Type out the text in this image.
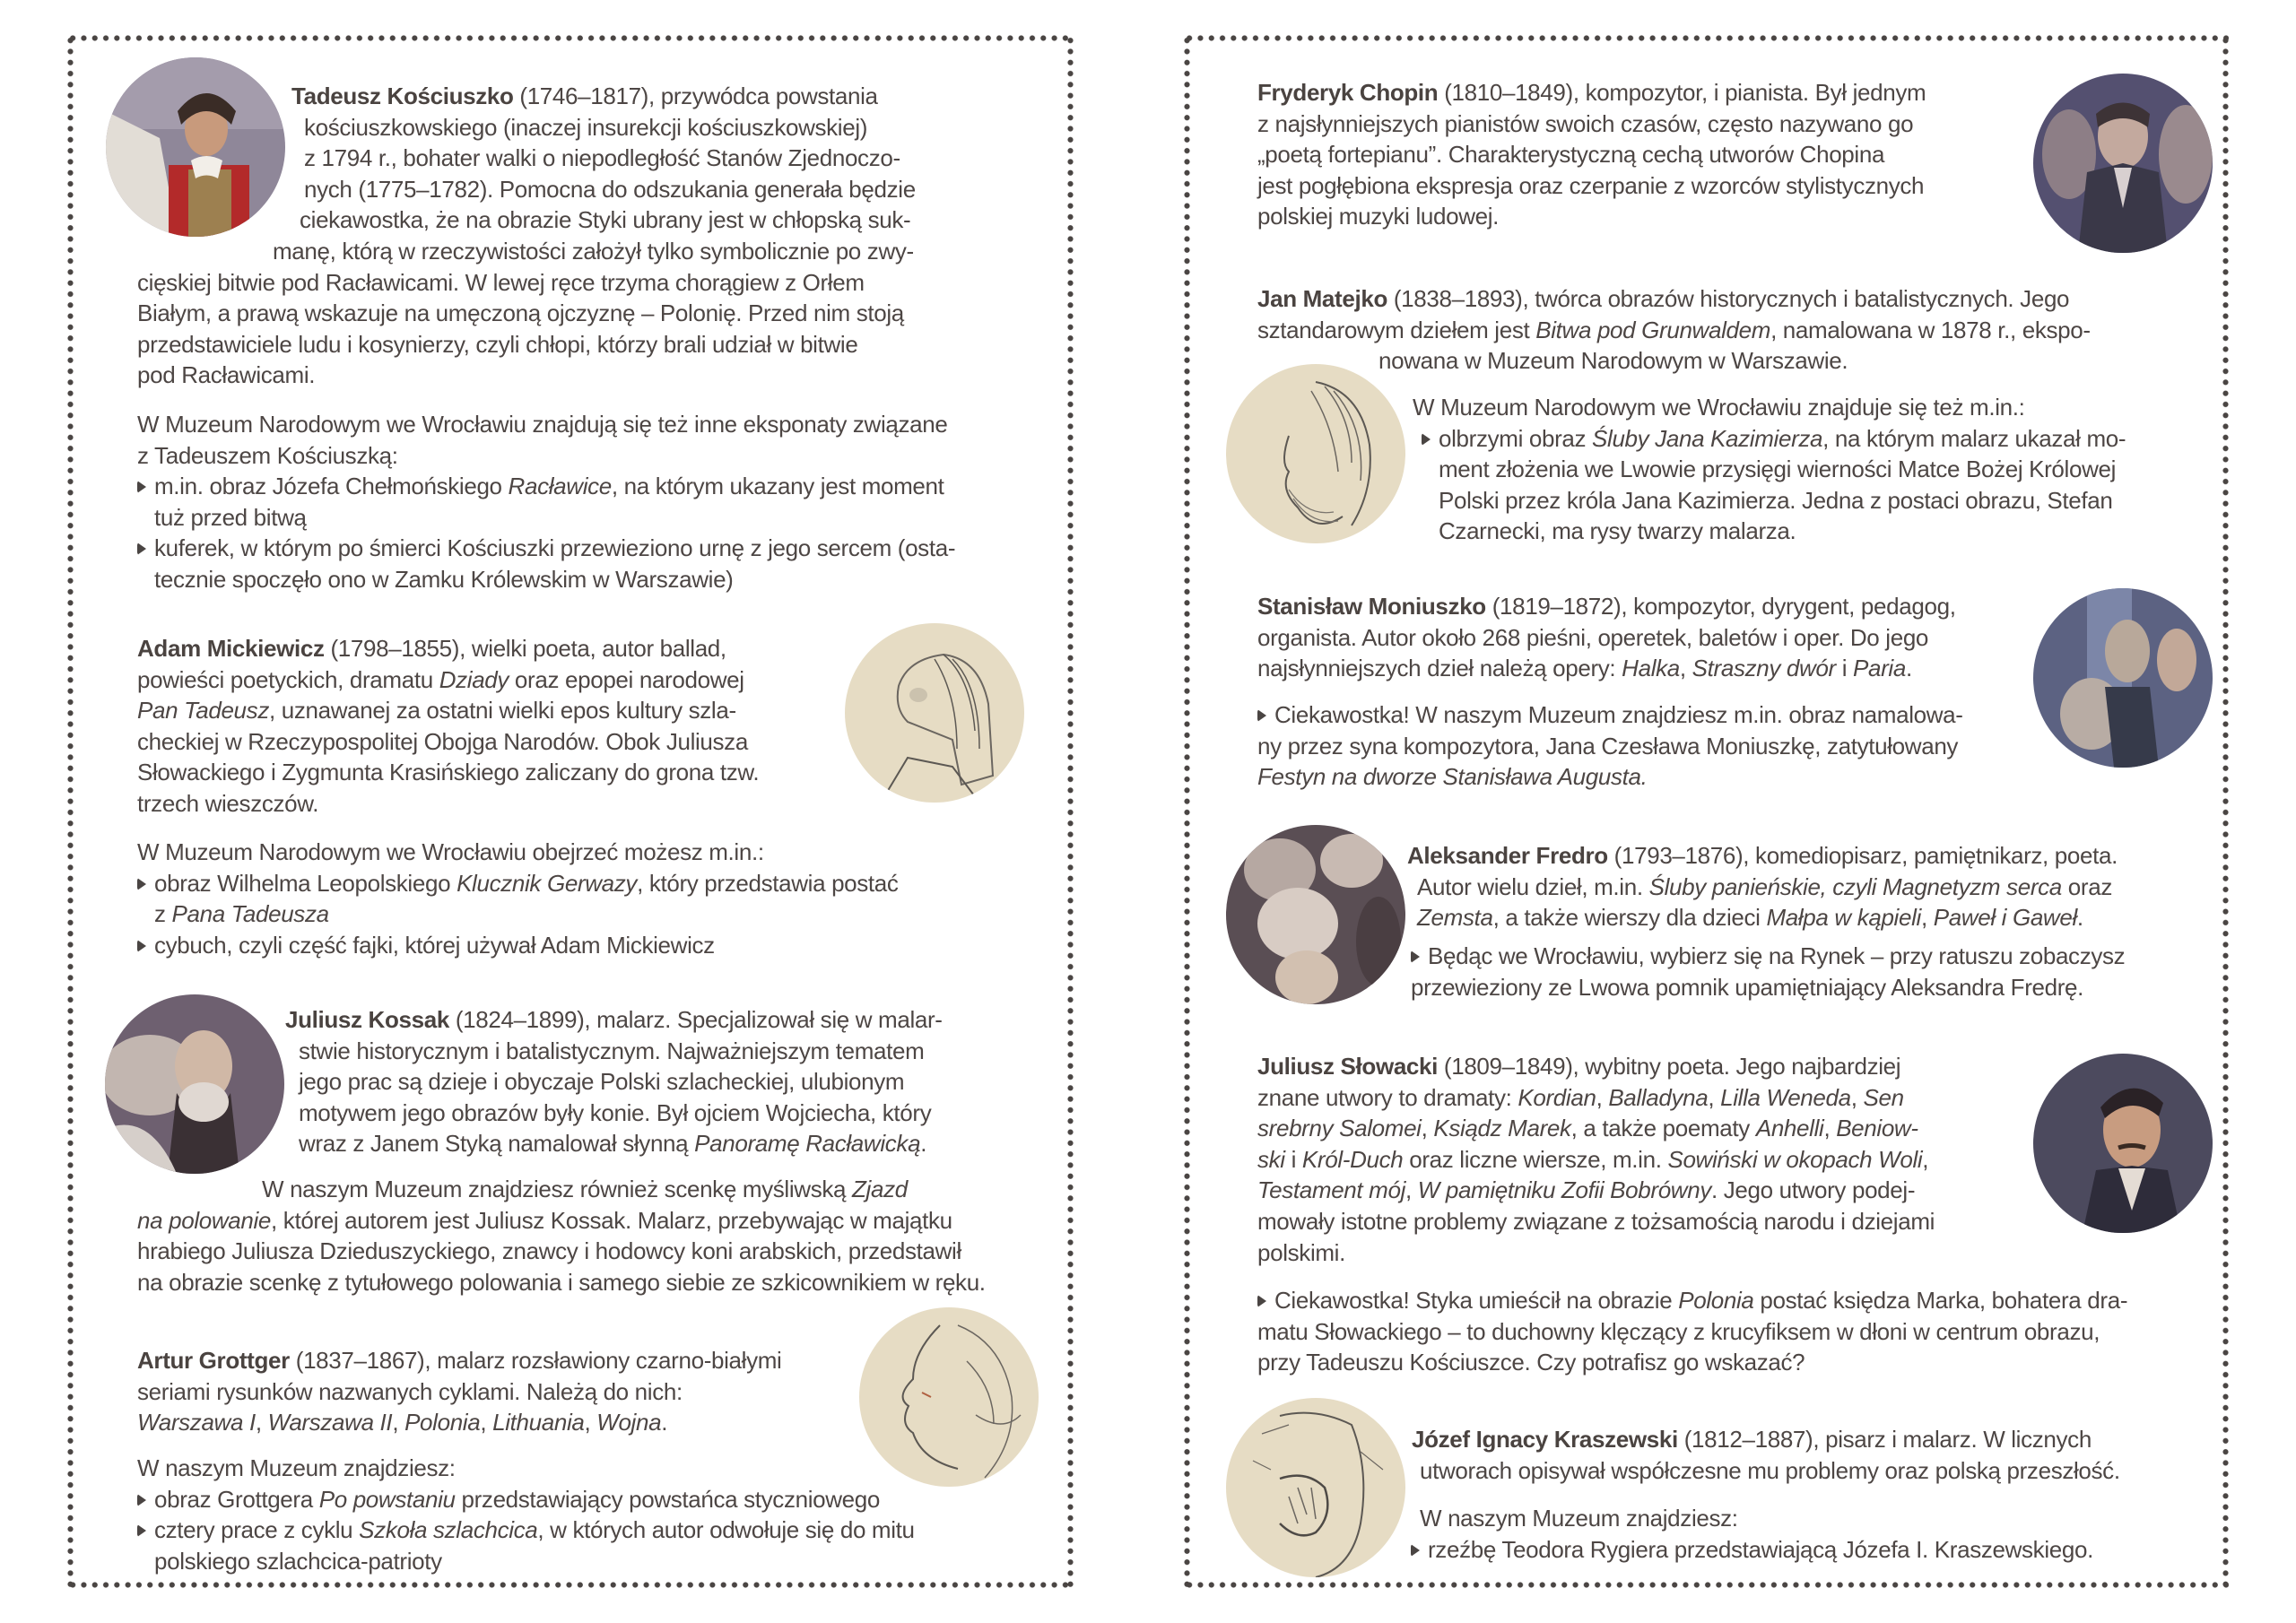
Tadeusz Kościuszko (1746–1817), przywódca powstania
kościuszkowskiego (inaczej insurekcji kościuszkowskiej)
z 1794 r., bohater walki o niepodległość Stanów Zjednoczo-
nych (1775–1782). Pomocna do odszukania generała będzie
ciekawostka, że na obrazie Styki ubrany jest w chłopską suk-
manę, którą w rzeczywistości założył tylko symbolicznie po zwy-
cięskiej bitwie pod Racławicami. W lewej ręce trzyma chorągiew z Orłem
Białym, a prawą wskazuje na umęczoną ojczyznę – Polonię. Przed nim stoją
przedstawiciele ludu i kosynierzy, czyli chłopi, którzy brali udział w bitwie
pod Racławicami.
W Muzeum Narodowym we Wrocławiu znajdują się też inne eksponaty związane
z Tadeuszem Kościuszką:
m.in. obraz Józefa Chełmońskiego Racławice, na którym ukazany jest moment
tuż przed bitwą
kuferek, w którym po śmierci Kościuszki przewieziono urnę z jego sercem (osta-
tecznie spoczęło ono w Zamku Królewskim w Warszawie)
Adam Mickiewicz (1798–1855), wielki poeta, autor ballad,
powieści poetyckich, dramatu Dziady oraz epopei narodowej
Pan Tadeusz, uznawanej za ostatni wielki epos kultury szla-
checkiej w Rzeczypospolitej Obojga Narodów. Obok Juliusza
Słowackiego i Zygmunta Krasińskiego zaliczany do grona tzw.
trzech wieszczów.
W Muzeum Narodowym we Wrocławiu obejrzeć możesz m.in.:
obraz Wilhelma Leopolskiego Klucznik Gerwazy, który przedstawia postać
z Pana Tadeusza
cybuch, czyli część fajki, której używał Adam Mickiewicz
Juliusz Kossak (1824–1899), malarz. Specjalizował się w malar-
stwie historycznym i batalistycznym. Najważniejszym tematem
jego prac są dzieje i obyczaje Polski szlacheckiej, ulubionym
motywem jego obrazów były konie. Był ojciem Wojciecha, który
wraz z Janem Styką namalował słynną Panoramę Racławicką.
W naszym Muzeum znajdziesz również scenkę myśliwską Zjazd
na polowanie, której autorem jest Juliusz Kossak. Malarz, przebywając w majątku
hrabiego Juliusza Dzieduszyckiego, znawcy i hodowcy koni arabskich, przedstawił
na obrazie scenkę z tytułowego polowania i samego siebie ze szkicownikiem w ręku.
Artur Grottger (1837–1867), malarz rozsławiony czarno-białymi
seriami rysunków nazwanych cyklami. Należą do nich:
Warszawa I, Warszawa II, Polonia, Lithuania, Wojna.
W naszym Muzeum znajdziesz:
obraz Grottgera Po powstaniu przedstawiający powstańca styczniowego
cztery prace z cyklu Szkoła szlachcica, w których autor odwołuje się do mitu
polskiego szlachcica-patrioty
Fryderyk Chopin (1810–1849), kompozytor, i pianista. Był jednym
z najsłynniejszych pianistów swoich czasów, często nazywano go
„poetą fortepianu”. Charakterystyczną cechą utworów Chopina
jest pogłębiona ekspresja oraz czerpanie z wzorców stylistycznych
polskiej muzyki ludowej.
Jan Matejko (1838–1893), twórca obrazów historycznych i batalistycznych. Jego
sztandarowym dziełem jest Bitwa pod Grunwaldem, namalowana w 1878 r., ekspo-
nowana w Muzeum Narodowym w Warszawie.
W Muzeum Narodowym we Wrocławiu znajduje się też m.in.:
olbrzymi obraz Śluby Jana Kazimierza, na którym malarz ukazał mo-
ment złożenia we Lwowie przysięgi wierności Matce Bożej Królowej
Polski przez króla Jana Kazimierza. Jedna z postaci obrazu, Stefan
Czarnecki, ma rysy twarzy malarza.
Stanisław Moniuszko (1819–1872), kompozytor, dyrygent, pedagog,
organista. Autor około 268 pieśni, operetek, baletów i oper. Do jego
najsłynniejszych dzieł należą opery: Halka, Straszny dwór i Paria.
Ciekawostka! W naszym Muzeum znajdziesz m.in. obraz namalowa-
ny przez syna kompozytora, Jana Czesława Moniuszkę, zatytułowany
Festyn na dworze Stanisława Augusta.
Aleksander Fredro (1793–1876), komediopisarz, pamiętnikarz, poeta.
Autor wielu dzieł, m.in. Śluby panieńskie, czyli Magnetyzm serca oraz
Zemsta, a także wierszy dla dzieci Małpa w kąpieli, Paweł i Gaweł.
Będąc we Wrocławiu, wybierz się na Rynek – przy ratuszu zobaczysz
przewieziony ze Lwowa pomnik upamiętniający Aleksandra Fredrę.
Juliusz Słowacki (1809–1849), wybitny poeta. Jego najbardziej
znane utwory to dramaty: Kordian, Balladyna, Lilla Weneda, Sen
srebrny Salomei, Ksiądz Marek, a także poematy Anhelli, Beniow-
ski i Król-Duch oraz liczne wiersze, m.in. Sowiński w okopach Woli,
Testament mój, W pamiętniku Zofii Bobrówny. Jego utwory podej-
mowały istotne problemy związane z tożsamością narodu i dziejami
polskimi.
Ciekawostka! Styka umieścił na obrazie Polonia postać księdza Marka, bohatera dra-
matu Słowackiego – to duchowny klęczący z krucyfiksem w dłoni w centrum obrazu,
przy Tadeuszu Kościuszce. Czy potrafisz go wskazać?
Józef Ignacy Kraszewski (1812–1887), pisarz i malarz. W licznych
utworach opisywał współczesne mu problemy oraz polską przeszłość.
W naszym Muzeum znajdziesz:
rzeźbę Teodora Rygiera przedstawiającą Józefa I. Kraszewskiego.
